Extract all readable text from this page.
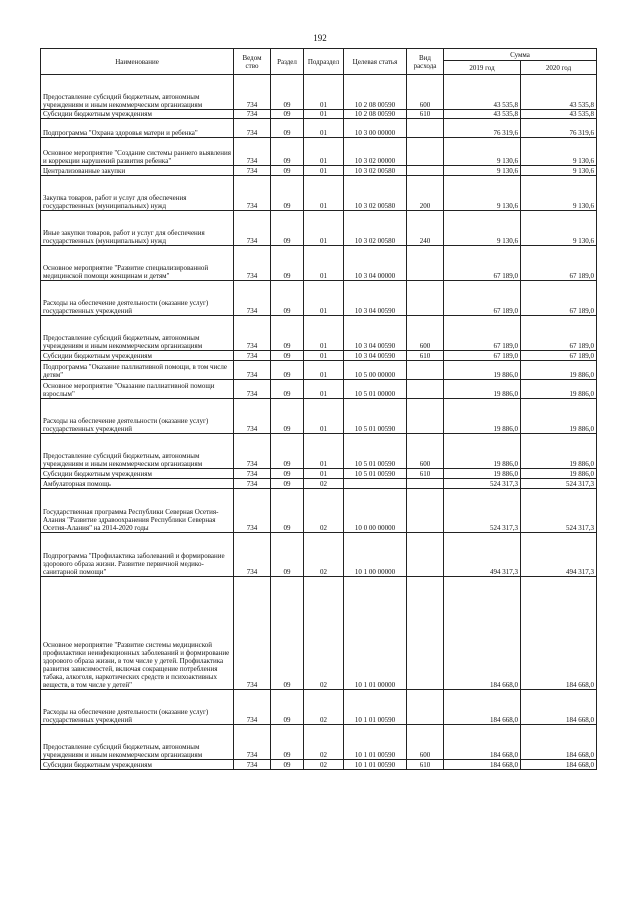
192
Наименование	Ведом ство	Раздел	Подраздел	Целевая статья	Вид расхода	Сумма	
						2019 год	2020 год
Предоставление субсидий бюджетным, автономным учреждениям и иным некоммерческим организациям	734	09	01	10 2 08 00590	600	43 535,8	43 535,8
Субсидии бюджетным учреждениям	734	09	01	10 2 08 00590	610	43 535,8	43 535,8
Подпрограмма "Охрана здоровья матери и ребенка"	734	09	01	10 3 00 00000		76 319,6	76 319,6
Основное мероприятие "Создание системы раннего выявления и коррекции нарушений развития ребенка"	734	09	01	10 3 02 00000		9 130,6	9 130,6
Централизованные закупки	734	09	01	10 3 02 00580		9 130,6	9 130,6
Закупка товаров, работ и услуг для обеспечения государственных (муниципальных) нужд	734	09	01	10 3 02 00580	200	9 130,6	9 130,6
Иные закупки товаров, работ и услуг для обеспечения государственных (муниципальных) нужд	734	09	01	10 3 02 00580	240	9 130,6	9 130,6
Основное мероприятие "Развитие специализированной медицинской помощи женщинам и детям"	734	09	01	10 3 04 00000		67 189,0	67 189,0
Расходы на обеспечение деятельности (оказание услуг) государственных учреждений	734	09	01	10 3 04 00590		67 189,0	67 189,0
Предоставление субсидий бюджетным, автономным учреждениям и иным некоммерческим организациям	734	09	01	10 3 04 00590	600	67 189,0	67 189,0
Субсидии бюджетным учреждениям	734	09	01	10 3 04 00590	610	67 189,0	67 189,0
Подпрограмма "Оказание паллиативной помощи, в том числе детям"	734	09	01	10 5 00 00000		19 886,0	19 886,0
Основное мероприятие "Оказание паллиативной помощи взрослым"	734	09	01	10 5 01 00000		19 886,0	19 886,0
Расходы на обеспечение деятельности (оказание услуг) государственных учреждений	734	09	01	10 5 01 00590		19 886,0	19 886,0
Предоставление субсидий бюджетным, автономным учреждениям и иным некоммерческим организациям	734	09	01	10 5 01 00590	600	19 886,0	19 886,0
Субсидии бюджетным учреждениям	734	09	01	10 5 01 00590	610	19 886,0	19 886,0
Амбулаторная помощь	734	09	02			524 317,3	524 317,3
Государственная программа Республики Северная Осетия-Алания "Развитие здравоохранения Республики Северная Осетия-Алания" на 2014-2020 годы	734	09	02	10 0 00 00000		524 317,3	524 317,3
Подпрограмма "Профилактика заболеваний и формирование здорового образа жизни. Развитие первичной медико-санитарной помощи"	734	09	02	10 1 00 00000		494 317,3	494 317,3
Основное мероприятие "Развитие системы медицинской профилактики неинфекционных заболеваний и формирование здорового образа жизни, в том числе у детей. Профилактика развития зависимостей, включая сокращение потребления табака, алкоголя, наркотических средств и психоактивных веществ, в том числе у детей"	734	09	02	10 1 01 00000		184 668,0	184 668,0
Расходы на обеспечение деятельности (оказание услуг) государственных учреждений	734	09	02	10 1 01 00590		184 668,0	184 668,0
Предоставление субсидий бюджетным, автономным учреждениям и иным некоммерческим организациям	734	09	02	10 1 01 00590	600	184 668,0	184 668,0
Субсидии бюджетным учреждениям	734	09	02	10 1 01 00590	610	184 668,0	184 668,0
